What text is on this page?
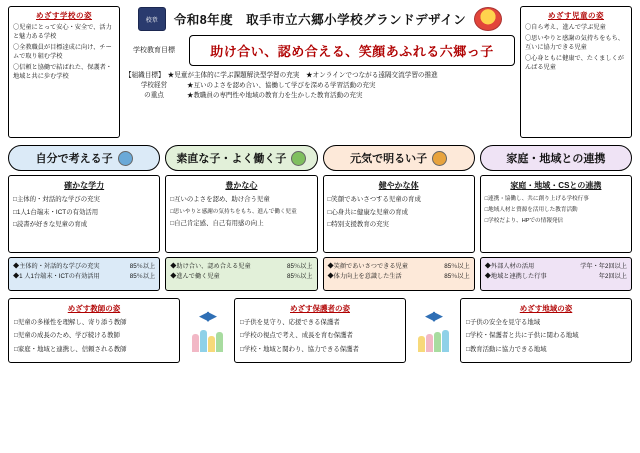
めざす学校の姿
〇児童にとって安心・安全で、活力と魅力ある学校
〇全教職員が目標達成に向け、チームで取り組む学校
〇信頼と協働で結ばれた、保護者・地域と共に歩む学校
校章	令和8年度　取手市立六郷小学校グランドデザイン
学校教育目標	助け合い、認め合える、笑顔あふれる六郷っ子
【組織目標】 ★児童が主体的に学ぶ課題解決型学習の充実　★オンラインでつながる遠隔交流学習の推進
学校経営
の重点
★互いのよさを認め合い、協働して学びを深める学習活動の充実
★教職員の専門性や地域の教育力を生かした教育活動の充実
めざす児童の姿
〇自ら考え、進んで学ぶ児童
〇思いやりと感謝の気持ちをもち、互いに協力できる児童
〇心身ともに健康で、たくましくがんばる児童
自分で考える子	素直な子・よく働く子	元気で明るい子	家庭・地域との連携
確かな学力
□主体的・対話的な学びの充実
□1人1台端末・ICTの有効活用
□読書が好きな児童の育成
豊かな心
□互いのよさを認め、助け合う児童
□思いやりと感謝の気持ちをもち、進んで働く児童
□自己肯定感、自己有用感の向上
健やかな体
□笑顔であいさつする児童の育成
□心身共に健康な児童の育成
□特別支援教育の充実
家庭・地域・CSとの連携
□連携・協働し、共に創り上げる学校行事
□地域人材と資源を活用した教育活動
□学校だより、HPでの情報発信
◆主体的・対話的な学びの充実	85％以上
◆1 人1台端末・ICTの有効活用	85％以上
◆助け合い、認め合える児童	85％以上
◆進んで働く児童	85％以上
◆笑顔であいさつできる児童	85％以上
◆体力向上を意識した生活	85％以上
◆外部人材の活用	学年・年2回以上
◆地域と連携した行事	年2回以上
めざす教師の姿
□児童の多様性を理解し、寄り添う教師
□児童の成長のため、学び続ける教師
□家庭・地域と連携し、信頼される教師
◀▶	めざす保護者の姿
□子供を見守り、応援できる保護者
□学校の視点で考え、成長を育む保護者
□学校・地域と関わり、協力できる保護者
◀▶	めざす地域の姿
□子供の安全を見守る地域
□学校・保護者と共に子供に関わる地域
□教育活動に協力できる地域
